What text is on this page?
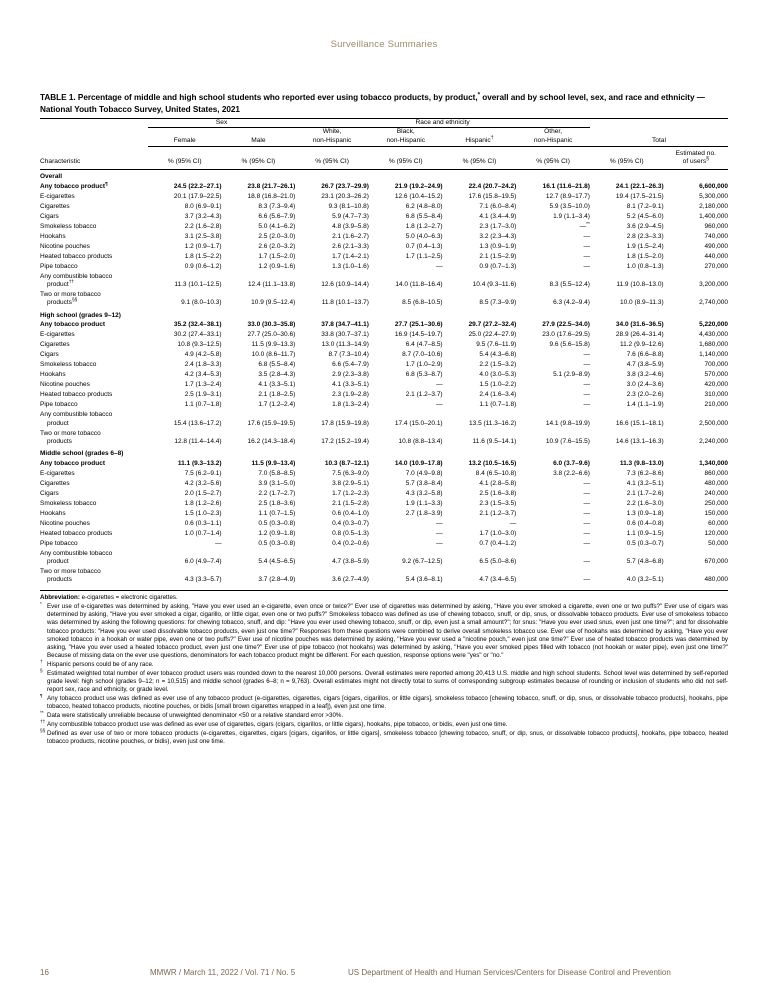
Surveillance Summaries
TABLE 1. Percentage of middle and high school students who reported ever using tobacco products, by product,* overall and by school level, sex, and race and ethnicity — National Youth Tobacco Survey, United States, 2021
	Sex		Race and ethnicity					
	Female	Male	White,
non-Hispanic	Black,
non-Hispanic	Hispanic†	Other,
non-Hispanic	Total	
Characteristic	% (95% CI)	% (95% CI)	% (95% CI)	% (95% CI)	% (95% CI)	% (95% CI)	% (95% CI)	Estimated no.
of users§
Overall								
Any tobacco product¶	24.5 (22.2–27.1)	23.8 (21.7–26.1)	26.7 (23.7–29.9)	21.9 (19.2–24.9)	22.4 (20.7–24.2)	16.1 (11.6–21.8)	24.1 (22.1–26.3)	6,600,000
E-cigarettes	20.1 (17.9–22.5)	18.8 (16.8–21.0)	23.1 (20.3–26.2)	12.6 (10.4–15.2)	17.6 (15.8–19.5)	12.7 (8.9–17.7)	19.4 (17.5–21.5)	5,300,000
Cigarettes	8.0 (6.9–9.1)	8.3 (7.3–9.4)	9.3 (8.1–10.8)	6.2 (4.8–8.0)	7.1 (6.0–8.4)	5.9 (3.5–10.0)	8.1 (7.2–9.1)	2,180,000
Cigars	3.7 (3.2–4.3)	6.6 (5.6–7.9)	5.9 (4.7–7.3)	6.8 (5.5–8.4)	4.1 (3.4–4.9)	1.9 (1.1–3.4)	5.2 (4.5–6.0)	1,400,000
Smokeless tobacco	2.2 (1.6–2.8)	5.0 (4.1–6.2)	4.8 (3.9–5.8)	1.8 (1.2–2.7)	2.3 (1.7–3.0)	—**	3.6 (2.9–4.5)	960,000
Hookahs	3.1 (2.5–3.8)	2.5 (2.0–3.0)	2.1 (1.6–2.7)	5.0 (4.0–6.3)	3.2 (2.3–4.3)	—	2.8 (2.3–3.3)	740,000
Nicotine pouches	1.2 (0.9–1.7)	2.6 (2.0–3.2)	2.6 (2.1–3.3)	0.7 (0.4–1.3)	1.3 (0.9–1.9)	—	1.9 (1.5–2.4)	490,000
Heated tobacco products	1.8 (1.5–2.2)	1.7 (1.5–2.0)	1.7 (1.4–2.1)	1.7 (1.1–2.5)	2.1 (1.5–2.9)	—	1.8 (1.5–2.0)	440,000
Pipe tobacco	0.9 (0.6–1.2)	1.2 (0.9–1.6)	1.3 (1.0–1.6)	—	0.9 (0.7–1.3)	—	1.0 (0.8–1.3)	270,000
Any combustible tobacco
product††	11.3 (10.1–12.5)	12.4 (11.1–13.8)	12.6 (10.9–14.4)	14.0 (11.8–16.4)	10.4 (9.3–11.6)	8.3 (5.5–12.4)	11.9 (10.8–13.0)	3,200,000
Two or more tobacco
products§§	9.1 (8.0–10.3)	10.9 (9.5–12.4)	11.8 (10.1–13.7)	8.5 (6.8–10.5)	8.5 (7.3–9.9)	6.3 (4.2–9.4)	10.0 (8.9–11.3)	2,740,000
High school (grades 9–12)								
Any tobacco product	35.2 (32.4–38.1)	33.0 (30.3–35.8)	37.8 (34.7–41.1)	27.7 (25.1–30.6)	29.7 (27.2–32.4)	27.9 (22.5–34.0)	34.0 (31.6–36.5)	5,220,000
E-cigarettes	30.2 (27.4–33.1)	27.7 (25.0–30.6)	33.8 (30.7–37.1)	16.9 (14.5–19.7)	25.0 (22.4–27.9)	23.0 (17.6–29.5)	28.9 (26.4–31.4)	4,430,000
Cigarettes	10.8 (9.3–12.5)	11.5 (9.9–13.3)	13.0 (11.3–14.9)	6.4 (4.7–8.5)	9.5 (7.6–11.9)	9.6 (5.6–15.8)	11.2 (9.9–12.6)	1,680,000
Cigars	4.9 (4.2–5.8)	10.0 (8.6–11.7)	8.7 (7.3–10.4)	8.7 (7.0–10.6)	5.4 (4.3–6.8)	—	7.6 (6.6–8.8)	1,140,000
Smokeless tobacco	2.4 (1.8–3.3)	6.8 (5.5–8.4)	6.6 (5.4–7.9)	1.7 (1.0–2.9)	2.2 (1.5–3.2)	—	4.7 (3.8–5.9)	700,000
Hookahs	4.2 (3.4–5.3)	3.5 (2.8–4.3)	2.9 (2.3–3.8)	6.8 (5.3–8.7)	4.0 (3.0–5.3)	5.1 (2.9–8.9)	3.8 (3.2–4.6)	570,000
Nicotine pouches	1.7 (1.3–2.4)	4.1 (3.3–5.1)	4.1 (3.3–5.1)	—	1.5 (1.0–2.2)	—	3.0 (2.4–3.6)	420,000
Heated tobacco products	2.5 (1.9–3.1)	2.1 (1.8–2.5)	2.3 (1.9–2.8)	2.1 (1.2–3.7)	2.4 (1.6–3.4)	—	2.3 (2.0–2.6)	310,000
Pipe tobacco	1.1 (0.7–1.8)	1.7 (1.2–2.4)	1.8 (1.3–2.4)	—	1.1 (0.7–1.8)	—	1.4 (1.1–1.9)	210,000
Any combustible tobacco
product	15.4 (13.6–17.2)	17.6 (15.9–19.5)	17.8 (15.9–19.8)	17.4 (15.0–20.1)	13.5 (11.3–16.2)	14.1 (9.8–19.9)	16.6 (15.1–18.1)	2,500,000
Two or more tobacco
products	12.8 (11.4–14.4)	16.2 (14.3–18.4)	17.2 (15.2–19.4)	10.8 (8.8–13.4)	11.6 (9.5–14.1)	10.9 (7.6–15.5)	14.6 (13.1–16.3)	2,240,000
Middle school (grades 6–8)								
Any tobacco product	11.1 (9.3–13.2)	11.5 (9.9–13.4)	10.3 (8.7–12.1)	14.0 (10.9–17.8)	13.2 (10.5–16.5)	6.0 (3.7–9.6)	11.3 (9.8–13.0)	1,340,000
E-cigarettes	7.5 (6.2–9.1)	7.0 (5.8–8.5)	7.5 (6.3–9.0)	7.0 (4.9–9.8)	8.4 (6.5–10.8)	3.8 (2.2–6.6)	7.3 (6.2–8.6)	860,000
Cigarettes	4.2 (3.2–5.6)	3.9 (3.1–5.0)	3.8 (2.9–5.1)	5.7 (3.8–8.4)	4.1 (2.8–5.8)	—	4.1 (3.2–5.1)	480,000
Cigars	2.0 (1.5–2.7)	2.2 (1.7–2.7)	1.7 (1.2–2.3)	4.3 (3.2–5.8)	2.5 (1.6–3.8)	—	2.1 (1.7–2.6)	240,000
Smokeless tobacco	1.8 (1.2–2.6)	2.5 (1.8–3.6)	2.1 (1.5–2.8)	1.9 (1.1–3.3)	2.3 (1.5–3.5)	—	2.2 (1.6–3.0)	250,000
Hookahs	1.5 (1.0–2.3)	1.1 (0.7–1.5)	0.6 (0.4–1.0)	2.7 (1.8–3.9)	2.1 (1.2–3.7)	—	1.3 (0.9–1.8)	150,000
Nicotine pouches	0.6 (0.3–1.1)	0.5 (0.3–0.8)	0.4 (0.3–0.7)	—	—	—	0.6 (0.4–0.8)	60,000
Heated tobacco products	1.0 (0.7–1.4)	1.2 (0.9–1.8)	0.8 (0.5–1.3)	—	1.7 (1.0–3.0)	—	1.1 (0.9–1.5)	120,000
Pipe tobacco	—	0.5 (0.3–0.8)	0.4 (0.2–0.6)	—	0.7 (0.4–1.2)	—	0.5 (0.3–0.7)	50,000
Any combustible tobacco
product	6.0 (4.9–7.4)	5.4 (4.5–6.5)	4.7 (3.8–5.9)	9.2 (6.7–12.5)	6.5 (5.0–8.6)	—	5.7 (4.8–6.8)	670,000
Two or more tobacco
products	4.3 (3.3–5.7)	3.7 (2.8–4.9)	3.6 (2.7–4.9)	5.4 (3.6–8.1)	4.7 (3.4–6.5)	—	4.0 (3.2–5.1)	480,000
Abbreviation: e-cigarettes = electronic cigarettes.
* Ever use of e-cigarettes was determined by asking, "Have you ever used an e-cigarette, even once or twice?" Ever use of cigarettes was determined by asking, "Have you ever smoked a cigarette, even one or two puffs?" Ever use of cigars was determined by asking, "Have you ever smoked a cigar, cigarillo, or little cigar, even one or two puffs?" Smokeless tobacco was defined as use of chewing tobacco, snuff, or dip, snus, or dissolvable tobacco products. Ever use of smokeless tobacco was determined by asking the following questions: for chewing tobacco, snuff, and dip: "Have you ever used chewing tobacco, snuff, or dip, even just a small amount?"; for snus: "Have you ever used snus, even just one time?"; and for dissolvable tobacco products: "Have you ever used dissolvable tobacco products, even just one time?" Responses from these questions were combined to derive overall smokeless tobacco use. Ever use of hookahs was determined by asking, "Have you ever smoked tobacco in a hookah or water pipe, even one or two puffs?" Ever use of nicotine pouches was determined by asking, "Have you ever used a "nicotine pouch," even just one time?" Ever use of heated tobacco products was determined by asking, "Have you ever used a heated tobacco product, even just one time?" Ever use of pipe tobacco (not hookahs) was determined by asking, "Have you ever smoked pipes filled with tobacco (not hookah or water pipe), even just one time?" Because of missing data on the ever use questions, denominators for each tobacco product might be different. For each question, response options were "yes" or "no."
† Hispanic persons could be of any race.
§ Estimated weighted total number of ever tobacco product users was rounded down to the nearest 10,000 persons. Overall estimates were reported among 20,413 U.S. middle and high school students. School level was determined by self-reported grade level: high school (grades 9–12; n = 10,515) and middle school (grades 6–8; n = 9,763). Overall estimates might not directly total to sums of corresponding subgroup estimates because of rounding or inclusion of students who did not self-report sex, race and ethnicity, or grade level.
¶ Any tobacco product use was defined as ever use of any tobacco product (e-cigarettes, cigarettes, cigars [cigars, cigarillos, or little cigars], smokeless tobacco [chewing tobacco, snuff, or dip, snus, or dissolvable tobacco products], hookahs, pipe tobacco, heated tobacco products, nicotine pouches, or bidis [small brown cigarettes wrapped in a leaf]), even just one time.
** Data were statistically unreliable because of unweighted denominator <50 or a relative standard error >30%.
†† Any combustible tobacco product use was defined as ever use of cigarettes, cigars (cigars, cigarillos, or little cigars), hookahs, pipe tobacco, or bidis, even just one time.
§§ Defined as ever use of two or more tobacco products (e-cigarettes, cigarettes, cigars [cigars, cigarillos, or little cigars], smokeless tobacco [chewing tobacco, snuff, or dip, snus, or dissolvable tobacco products], hookahs, pipe tobacco, heated tobacco products, nicotine pouches, or bidis), even just one time.
16	MMWR / March 11, 2022 / Vol. 71 / No. 5	US Department of Health and Human Services/Centers for Disease Control and Prevention
